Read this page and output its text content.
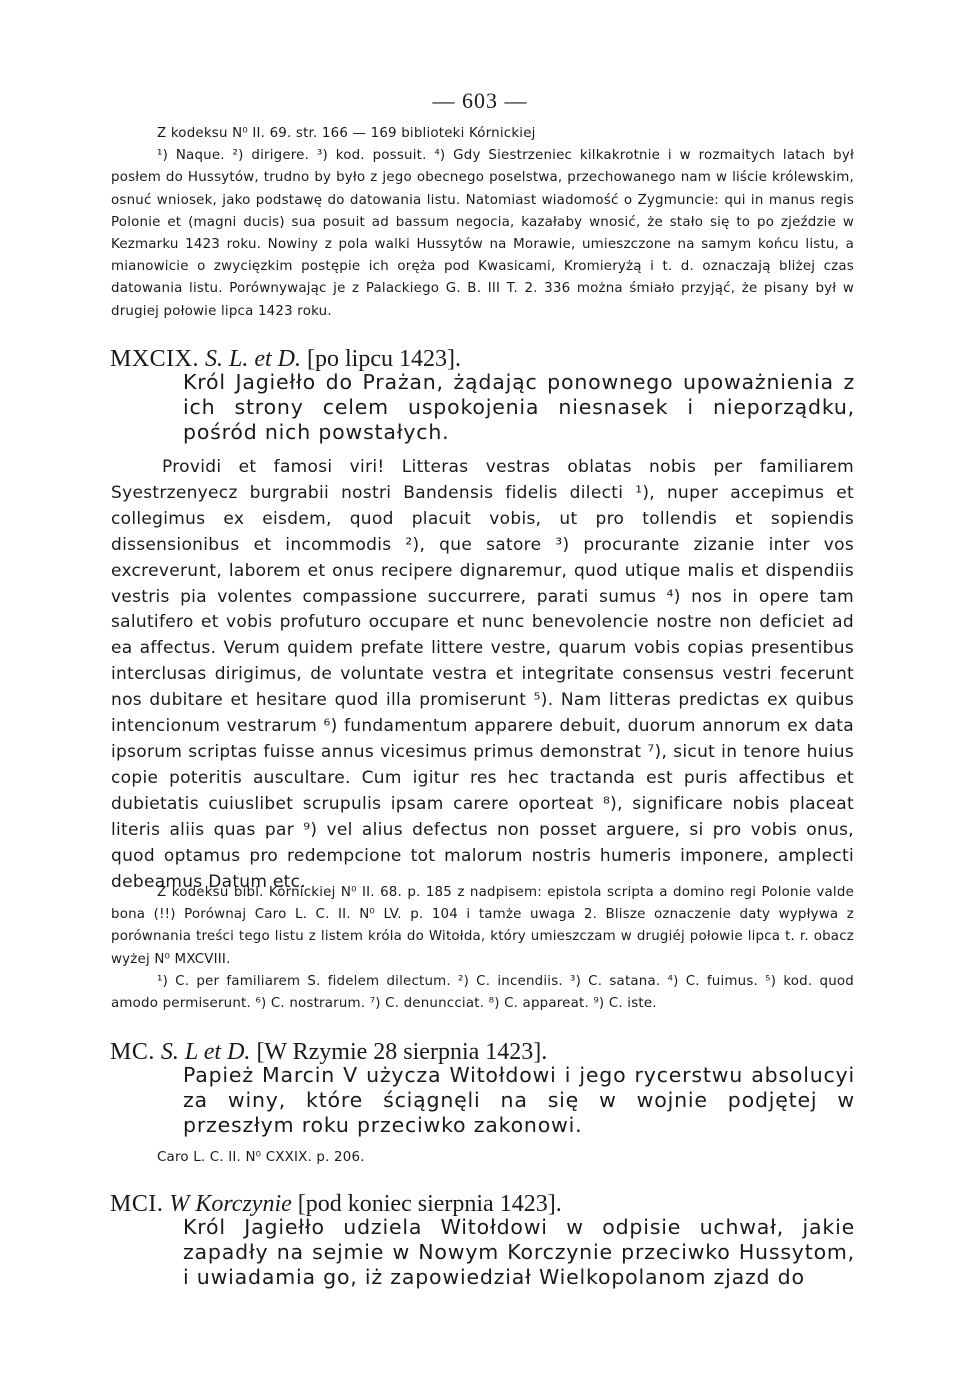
— 603 —

Z kodeksu N⁰ II. 69. str. 166 — 169 biblioteki Kórnickiej

¹) Naque. ²) dirigere. ³) kod. possuit. ⁴) Gdy Siestrzeniec kilkakrotnie i w rozmaitych latach był posłem do Hussytów, trudno by było z jego obecnego poselstwa, przechowanego nam w liście królewskim, osnuć wniosek, jako podstawę do datowania listu. Natomiast wiadomość o Zygmuncie: qui in manus regis Polonie et (magni ducis) sua posuit ad bassum negocia, kazałaby wnosić, że stało się to po zjeździe w Kezmarku 1423 roku. Nowiny z pola walki Hussytów na Morawie, umieszczone na samym końcu listu, a mianowicie o zwycięzkim postępie ich oręża pod Kwasicami, Kromieryżą i t. d. oznaczają bliżej czas datowania listu. Porównywając je z Palackiego G. B. III T. 2. 336 można śmiało przyjąć, że pisany był w drugiej połowie lipca 1423 roku.

MXCIX. S. L. et D. [po lipcu 1423].
Król Jagiełło do Prażan, żądając ponownego upoważnienia z ich strony celem uspokojenia niesnasek i nieporządku, pośród nich powstałych.

Providi et famosi viri! Litteras vestras oblatas nobis per familiarem Syestrzenyecz burgrabii nostri Bandensis fidelis dilecti ¹), nuper accepimus et collegimus ex eisdem, quod placuit vobis, ut pro tollendis et sopiendis dissensionibus et incommodis ²), que satore ³) procurante zizanie inter vos excreverunt, laborem et onus recipere dignaremur, quod utique malis et dispendiis vestris pia volentes compassione succurrere, parati sumus ⁴) nos in opere tam salutifero et vobis profuturo occupare et nunc benevolencie nostre non deficiet ad ea affectus. Verum quidem prefate littere vestre, quarum vobis copias presentibus interclusas dirigimus, de voluntate vestra et integritate consensus vestri fecerunt nos dubitare et hesitare quod illa promiserunt ⁵). Nam litteras predictas ex quibus intencionum vestrarum ⁶) fundamentum apparere debuit, duorum annorum ex data ipsorum scriptas fuisse annus vicesimus primus demonstrat ⁷), sicut in tenore huius copie poteritis auscultare. Cum igitur res hec tractanda est puris affectibus et dubietatis cuiuslibet scrupulis ipsam carere oporteat ⁸), significare nobis placeat literis aliis quas par ⁹) vel alius defectus non posset arguere, si pro vobis onus, quod optamus pro redempcione tot malorum nostris humeris imponere, amplecti debeamus Datum etc.

Z kodeksu bibl. Kórnickiej N⁰ II. 68. p. 185 z nadpisem: epistola scripta a domino regi Polonie valde bona (!!) Porównaj Caro L. C. II. N⁰ LV. p. 104 i tamże uwaga 2. Blisze oznaczenie daty wypływa z porównania treści tego listu z listem króla do Witołda, który umieszczam w drugiéj połowie lipca t. r. obacz wyżej N⁰ MXCVIII.

¹) C. per familiarem S. fidelem dilectum. ²) C. incendiis. ³) C. satana. ⁴) C. fuimus. ⁵) kod. quod amodo permiserunt. ⁶) C. nostrarum. ⁷) C. denuncciat. ⁸) C. appareat. ⁹) C. iste.

MC. S. L et D. [W Rzymie 28 sierpnia 1423].
Papież Marcin V użycza Witołdowi i jego rycerstwu absolucyi za winy, które ściągnęli na się w wojnie podjętej w przeszłym roku przeciwko zakonowi.
Caro L. C. II. N⁰ CXXIX. p. 206.
MCI. W Korczynie [pod koniec sierpnia 1423].
Król Jagiełło udziela Witołdowi w odpisie uchwał, jakie zapadły na sejmie w Nowym Korczynie przeciwko Hussytom, i uwiadamia go, iż zapowiedział Wielkopolanom zjazd do
